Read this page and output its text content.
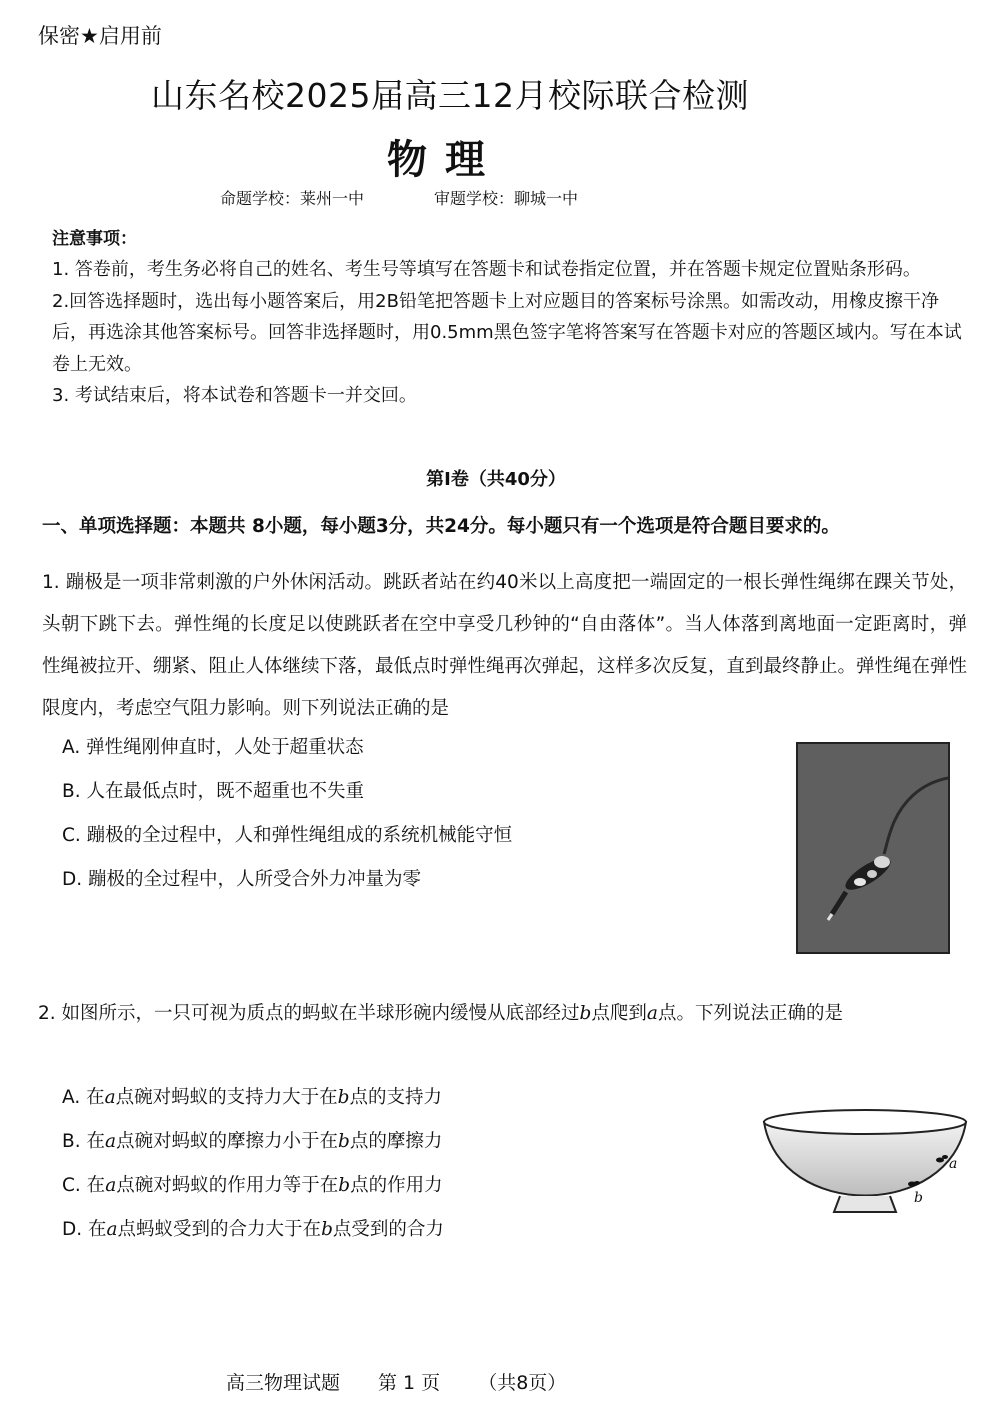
保密★启用前
山东名校2025届高三12月校际联合检测
物理
命题学校：莱州一中	审题学校：聊城一中
注意事项：

1. 答卷前，考生务必将自己的姓名、考生号等填写在答题卡和试卷指定位置，并在答题卡规定位置贴条形码。

2.回答选择题时，选出每小题答案后，用2B铅笔把答题卡上对应题目的答案标号涂黑。如需改动，用橡皮擦干净后，再选涂其他答案标号。回答非选择题时，用0.5mm黑色签字笔将答案写在答题卡对应的答题区域内。写在本试卷上无效。

3. 考试结束后，将本试卷和答题卡一并交回。

第Ⅰ卷（共40分）
一、单项选择题：本题共 8小题，每小题3分，共24分。每小题只有一个选项是符合题目要求的。
1. 蹦极是一项非常刺激的户外休闲活动。跳跃者站在约40米以上高度把一端固定的一根长弹性绳绑在踝关节处，头朝下跳下去。弹性绳的长度足以使跳跃者在空中享受几秒钟的“自由落体”。当人体落到离地面一定距离时，弹性绳被拉开、绷紧、阻止人体继续下落，最低点时弹性绳再次弹起，这样多次反复，直到最终静止。弹性绳在弹性限度内，考虑空气阻力影响。则下列说法正确的是
A. 弹性绳刚伸直时，人处于超重状态
B. 人在最低点时，既不超重也不失重
C. 蹦极的全过程中，人和弹性绳组成的系统机械能守恒
D. 蹦极的全过程中，人所受合外力冲量为零
2. 如图所示，一只可视为质点的蚂蚁在半球形碗内缓慢从底部经过b点爬到a点。下列说法正确的是
A. 在a点碗对蚂蚁的支持力大于在b点的支持力
B. 在a点碗对蚂蚁的摩擦力小于在b点的摩擦力
C. 在a点碗对蚂蚁的作用力等于在b点的作用力
D. 在a点蚂蚁受到的合力大于在b点受到的合力
a
b
高三物理试题 第 1 页 （共8页）
